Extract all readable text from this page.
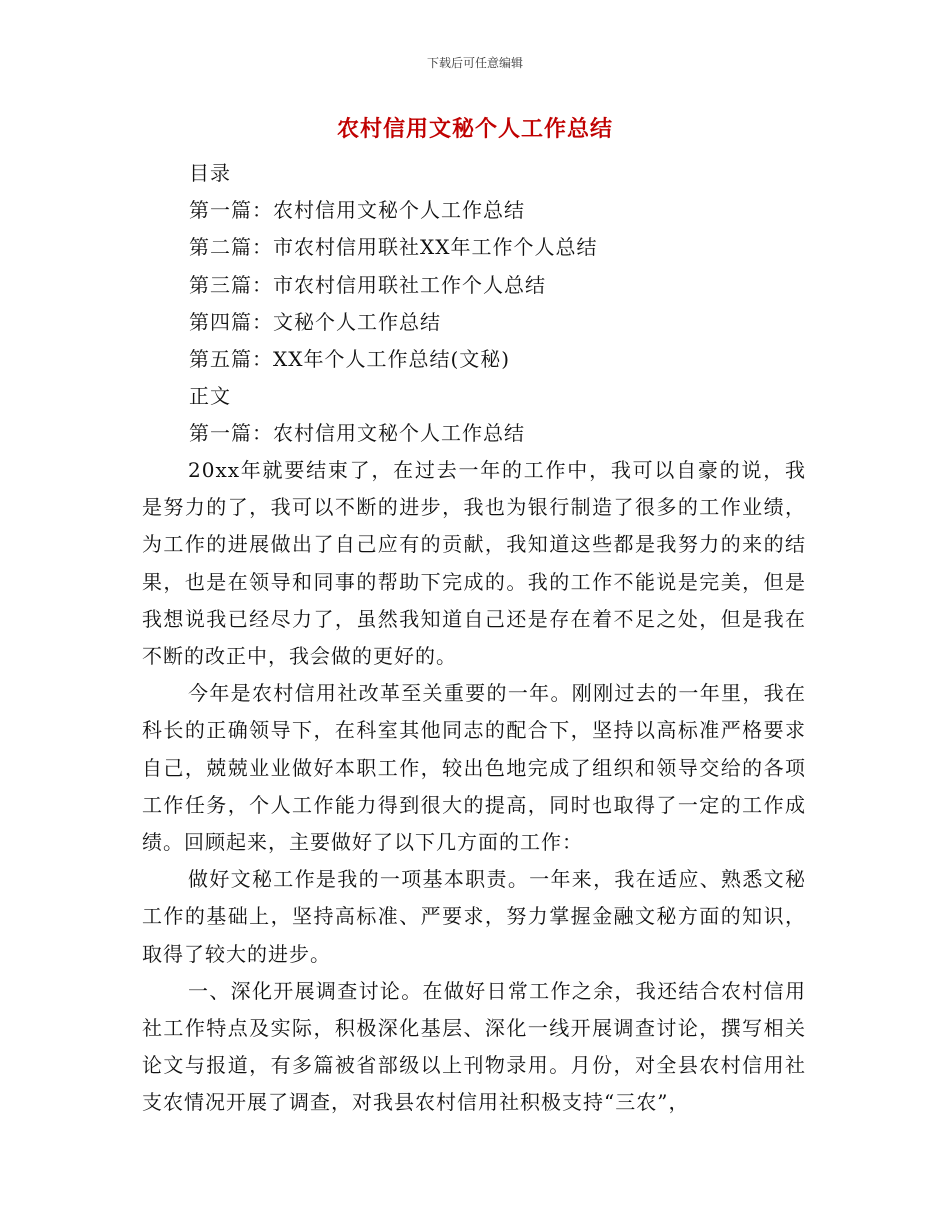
下载后可任意编辑
农村信用文秘个人工作总结
目录
第一篇：农村信用文秘个人工作总结
第二篇：市农村信用联社XX年工作个人总结
第三篇：市农村信用联社工作个人总结
第四篇：文秘个人工作总结
第五篇：XX年个人工作总结(文秘)
正文
第一篇：农村信用文秘个人工作总结

20xx年就要结束了，在过去一年的工作中，我可以自豪的说，我是努力的了，我可以不断的进步，我也为银行制造了很多的工作业绩，为工作的进展做出了自己应有的贡献，我知道这些都是我努力的来的结果，也是在领导和同事的帮助下完成的。我的工作不能说是完美，但是我想说我已经尽力了，虽然我知道自己还是存在着不足之处，但是我在不断的改正中，我会做的更好的。

今年是农村信用社改革至关重要的一年。刚刚过去的一年里，我在科长的正确领导下，在科室其他同志的配合下，坚持以高标准严格要求自己，兢兢业业做好本职工作，较出色地完成了组织和领导交给的各项工作任务，个人工作能力得到很大的提高，同时也取得了一定的工作成绩。回顾起来，主要做好了以下几方面的工作：

做好文秘工作是我的一项基本职责。一年来，我在适应、熟悉文秘工作的基础上，坚持高标准、严要求，努力掌握金融文秘方面的知识，取得了较大的进步。

一、深化开展调查讨论。在做好日常工作之余，我还结合农村信用社工作特点及实际，积极深化基层、深化一线开展调查讨论，撰写相关论文与报道，有多篇被省部级以上刊物录用。月份，对全县农村信用社支农情况开展了调查，对我县农村信用社积极支持“三农”，
